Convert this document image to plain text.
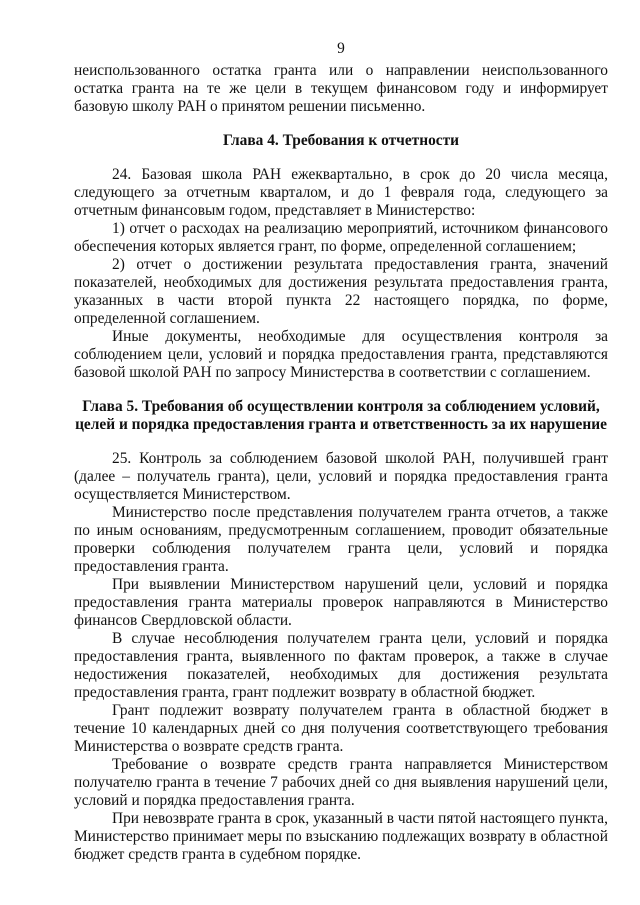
9

неиспользованного остатка гранта или о направлении неиспользованного остатка гранта на те же цели в текущем финансовом году и информирует базовую школу РАН о принятом решении письменно.

Глава 4. Требования к отчетности

24. Базовая школа РАН ежеквартально, в срок до 20 числа месяца, следующего за отчетным кварталом, и до 1 февраля года, следующего за отчетным финансовым годом, представляет в Министерство:

1) отчет о расходах на реализацию мероприятий, источником финансового обеспечения которых является грант, по форме, определенной соглашением;

2) отчет о достижении результата предоставления гранта, значений показателей, необходимых для достижения результата предоставления гранта, указанных в части второй пункта 22 настоящего порядка, по форме, определенной соглашением.

Иные документы, необходимые для осуществления контроля за соблюдением цели, условий и порядка предоставления гранта, представляются базовой школой РАН по запросу Министерства в соответствии с соглашением.

Глава 5. Требования об осуществлении контроля за соблюдением условий,

целей и порядка предоставления гранта и ответственность за их нарушение

25. Контроль за соблюдением базовой школой РАН, получившей грант (далее – получатель гранта), цели, условий и порядка предоставления гранта осуществляется Министерством.

Министерство после представления получателем гранта отчетов, а также по иным основаниям, предусмотренным соглашением, проводит обязательные проверки соблюдения получателем гранта цели, условий и порядка предоставления гранта.

При выявлении Министерством нарушений цели, условий и порядка предоставления гранта материалы проверок направляются в Министерство финансов Свердловской области.

В случае несоблюдения получателем гранта цели, условий и порядка предоставления гранта, выявленного по фактам проверок, а также в случае недостижения показателей, необходимых для достижения результата предоставления гранта, грант подлежит возврату в областной бюджет.

Грант подлежит возврату получателем гранта в областной бюджет в течение 10 календарных дней со дня получения соответствующего требования Министерства о возврате средств гранта.

Требование о возврате средств гранта направляется Министерством получателю гранта в течение 7 рабочих дней со дня выявления нарушений цели, условий и порядка предоставления гранта.

При невозврате гранта в срок, указанный в части пятой настоящего пункта, Министерство принимает меры по взысканию подлежащих возврату в областной бюджет средств гранта в судебном порядке.
